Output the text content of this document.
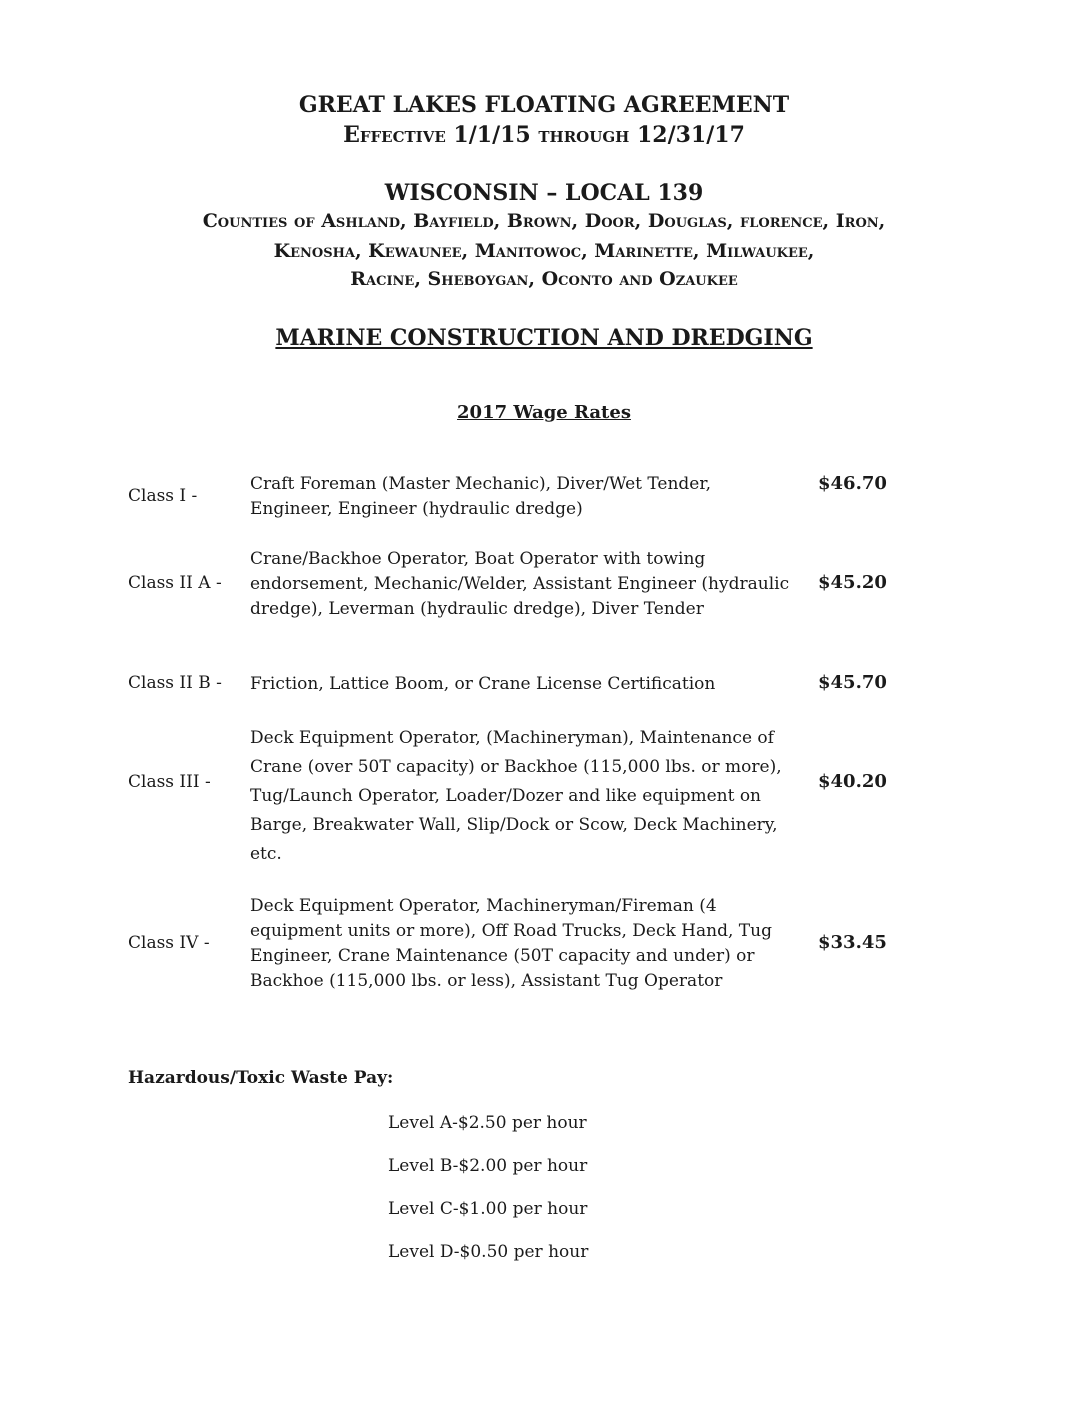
GREAT LAKES FLOATING AGREEMENT
Effective 1/1/15 through 12/31/17
WISCONSIN – LOCAL 139
Counties of Ashland, Bayfield, Brown, Door, Douglas, florence, Iron,
Kenosha, Kewaunee, Manitowoc, Marinette, Milwaukee,
Racine, Sheboygan, Oconto and Ozaukee
MARINE CONSTRUCTION AND DREDGING
2017 Wage Rates
Class I -
Craft Foreman (Master Mechanic), Diver/Wet Tender, Engineer, Engineer (hydraulic dredge)
$46.70
Class II A -
Crane/Backhoe Operator, Boat Operator with towing endorsement, Mechanic/Welder, Assistant Engineer (hydraulic dredge), Leverman (hydraulic dredge), Diver Tender
$45.20
Class II B - Friction, Lattice Boom, or Crane License Certification	$45.70
Class III -
Deck Equipment Operator, (Machineryman), Maintenance of Crane (over 50T capacity) or Backhoe (115,000 lbs. or more), Tug/Launch Operator, Loader/Dozer and like equipment on Barge, Breakwater Wall, Slip/Dock or Scow, Deck Machinery, etc.
$40.20
Class IV -
Deck Equipment Operator, Machineryman/Fireman (4 equipment units or more), Off Road Trucks, Deck Hand, Tug Engineer, Crane Maintenance (50T capacity and under) or Backhoe (115,000 lbs. or less), Assistant Tug Operator
$33.45
Hazardous/Toxic Waste Pay:
Level A-$2.50 per hour
Level B-$2.00 per hour
Level C-$1.00 per hour
Level D-$0.50 per hour
